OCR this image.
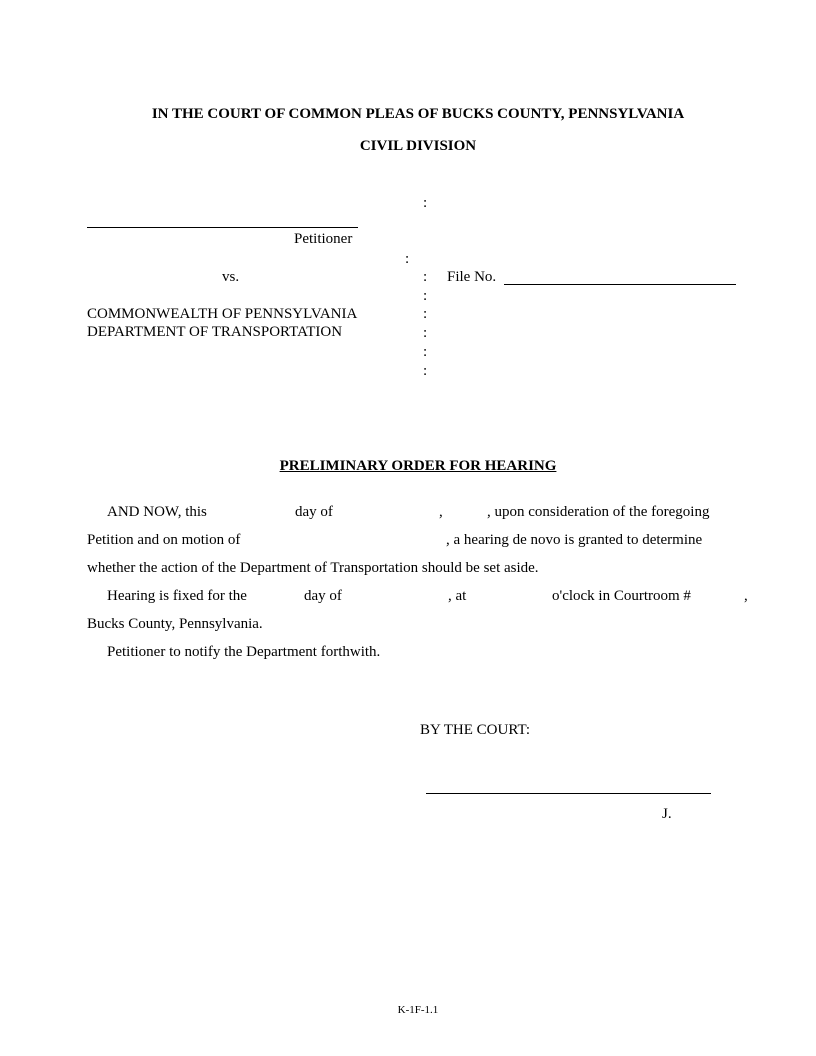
IN THE COURT OF COMMON PLEAS OF BUCKS COUNTY, PENNSYLVANIA
CIVIL DIVISION
:
:
:
:
:
:
:
:
Petitioner
vs.	File No.
COMMONWEALTH OF PENNSYLVANIA
DEPARTMENT OF TRANSPORTATION
PRELIMINARY ORDER FOR HEARING
AND NOW, this	day of	,	, upon consideration of the foregoing
Petition and on motion of	, a hearing de novo is granted to determine
whether the action of the Department of Transportation should be set aside.
Hearing is fixed for the	day of	, at	o'clock in Courtroom #	,
Bucks County, Pennsylvania.
Petitioner to notify the Department forthwith.
BY THE COURT:
J.
K-1F-1.1
